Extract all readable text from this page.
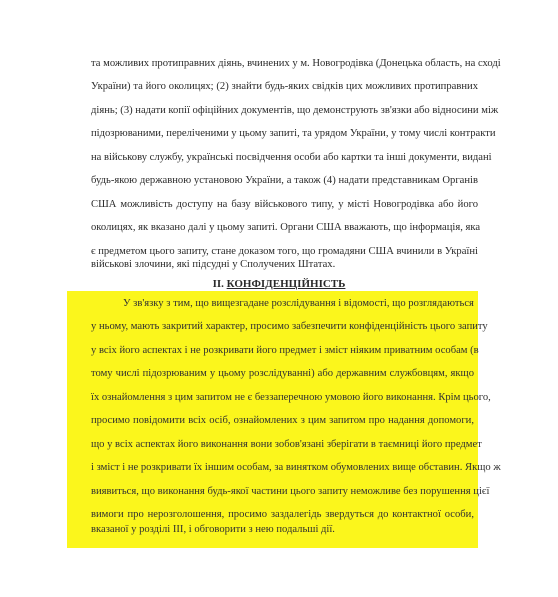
та можливих протиправних діянь, вчинених у м. Новогродівка (Донецька область, на сході
України) та його околицях; (2) знайти будь-яких свідків цих можливих протиправних
діянь; (3) надати копії офіційних документів, що демонструють зв'язки або відносини між
підозрюваними, переліченими у цьому запиті, та урядом України, у тому числі контракти
на військову службу, українські посвідчення особи або картки та інші документи, видані
будь-якою державною установою України, а також (4) надати представникам Органів
США можливість доступу на базу військового типу, у місті Новогродівка або його
околицях, як вказано далі у цьому запиті. Органи США вважають, що інформація, яка
є предметом цього запиту, стане доказом того, що громадяни США вчинили в Україні
військові злочини, які підсудні у Сполучених Штатах.
II. КОНФІДЕНЦІЙНІСТЬ
У зв'язку з тим, що вищезгадане розслідування і відомості, що розглядаються
у ньому, мають закритий характер, просимо забезпечити конфіденційність цього запиту
у всіх його аспектах і не розкривати його предмет і зміст ніяким приватним особам (в
тому числі підозрюваним у цьому розслідуванні) або державним службовцям, якщо
їх ознайомлення з цим запитом не є беззаперечною умовою його виконання. Крім цього,
просимо повідомити всіх осіб, ознайомлених з цим запитом про надання допомоги,
що у всіх аспектах його виконання вони зобов'язані зберігати в таємниці його предмет
і зміст і не розкривати їх іншим особам, за винятком обумовлених вище обставин. Якщо ж
виявиться, що виконання будь-якої частини цього запиту неможливе без порушення цієї
вимоги про нерозголошення, просимо заздалегідь звердуться до контактної особи,
вказаної у розділі III, і обговорити з нею подальші дії.
